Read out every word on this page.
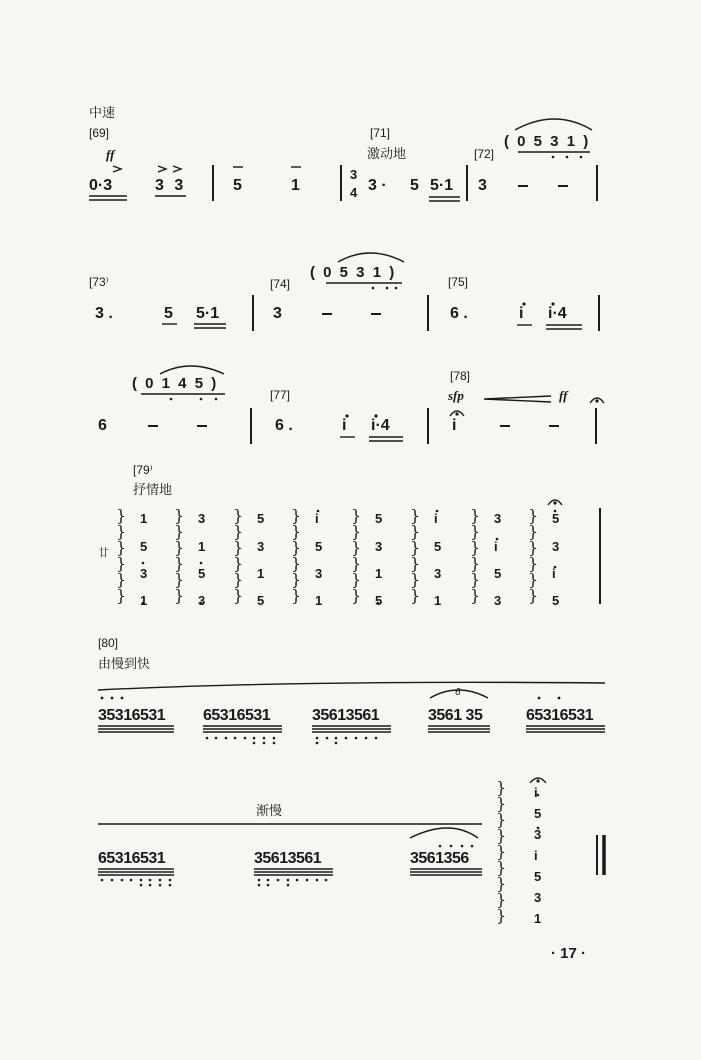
中速
[69]	[71]
激动地	[72]
ff
( 0 5 3 1 )
0·3	3 3	5	1
3
4 3 · 5 5·1 3
[73⁾	[74]
( 0 5 3 1 )
[75]
3 .	5 5·1	3	6 .	i i·4
( 0 1 4 5 )
[77]
[78]
sfp	ff
6	6 .	i i·4	i
[79⁾
抒情地
廿
}
}
}
}
}
}
1
5
3
1
}
}
}
}
}
}
3
1
5
3
}
}
}
}
}
}
5
3
1
5
}
}
}
}
}
}
i
5
3
1
}
}
}
}
}
}
5
3
1
5
}
}
}
}
}
}
i
5
3
1
}
}
}
}
}
}
3
i
5
3
}
}
}
}
}
}
5
3
i
5
[80]
由慢到快
35316531 65316531	35613561	3561 35
6
65316531
渐慢
65316531	35613561	3561356
}
}
}
}
}
}
}
}
}
i
5
3
i
5
3
1
· 17 ·
